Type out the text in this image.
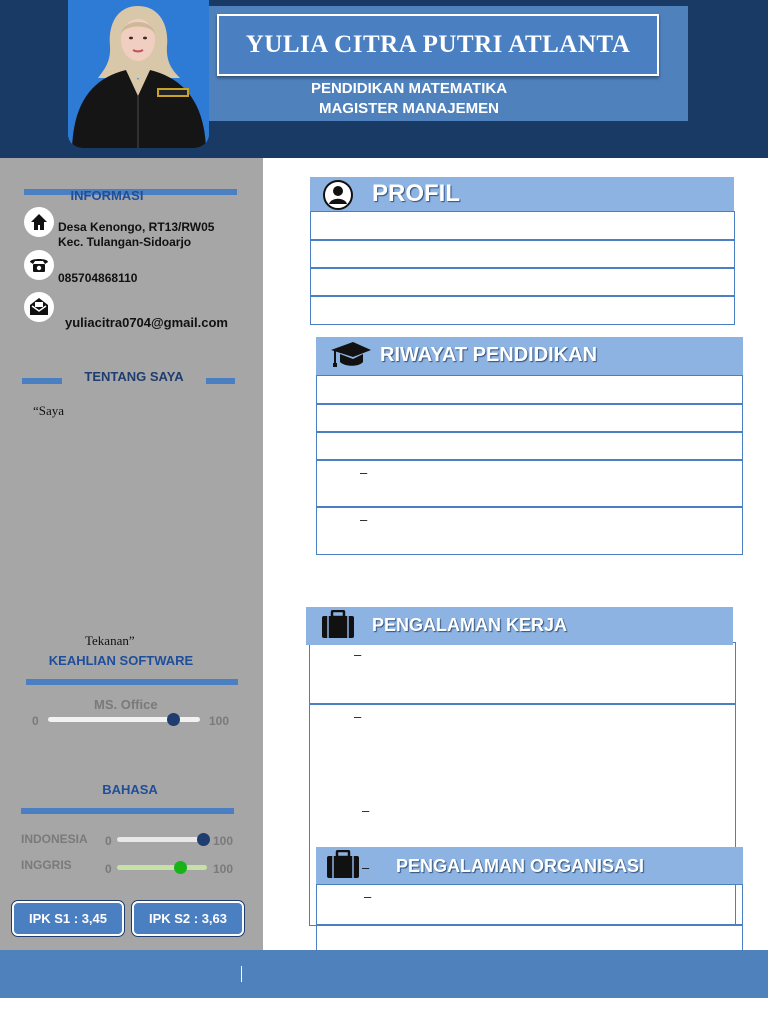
YULIA CITRA PUTRI ATLANTA
PENDIDIKAN MATEMATIKA
MAGISTER MANAJEMEN
INFORMASI
Desa Kenongo, RT13/RW05
Kec. Tulangan-Sidoarjo
085704868110
yuliacitra0704@gmail.com
TENTANG SAYA
“Saya
Tekanan”
KEAHLIAN SOFTWARE
MS. Office
0	100
BAHASA
INDONESIA 0	100
INGGRIS	0	100
IPK S1 : 3,45	IPK S2 : 3,63
PROFIL
RIWAYAT PENDIDIKAN
–
–
–
–
–
PENGALAMAN KERJA
– PENGALAMAN ORGANISASI
–
